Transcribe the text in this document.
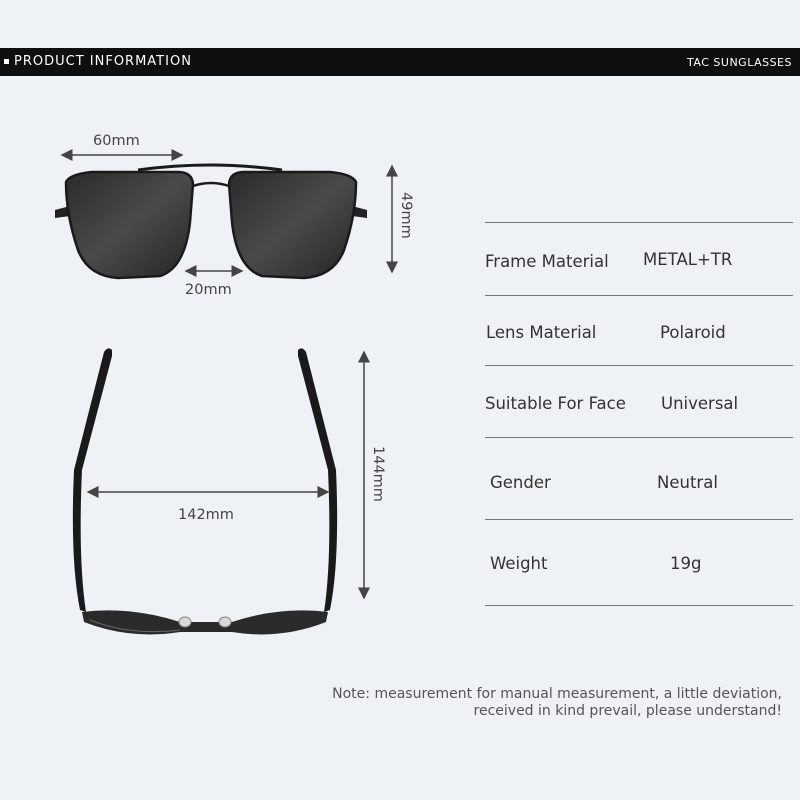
PRODUCT INFORMATION	TAC SUNGLASSES
60mm
20mm
49mm
142mm
144mm
Frame Material METAL+TR
Lens Material	Polaroid
Suitable For Face Universal
Gender	Neutral
Weight	19g
Note: measurement for manual measurement, a little deviation,
received in kind prevail, please understand!
